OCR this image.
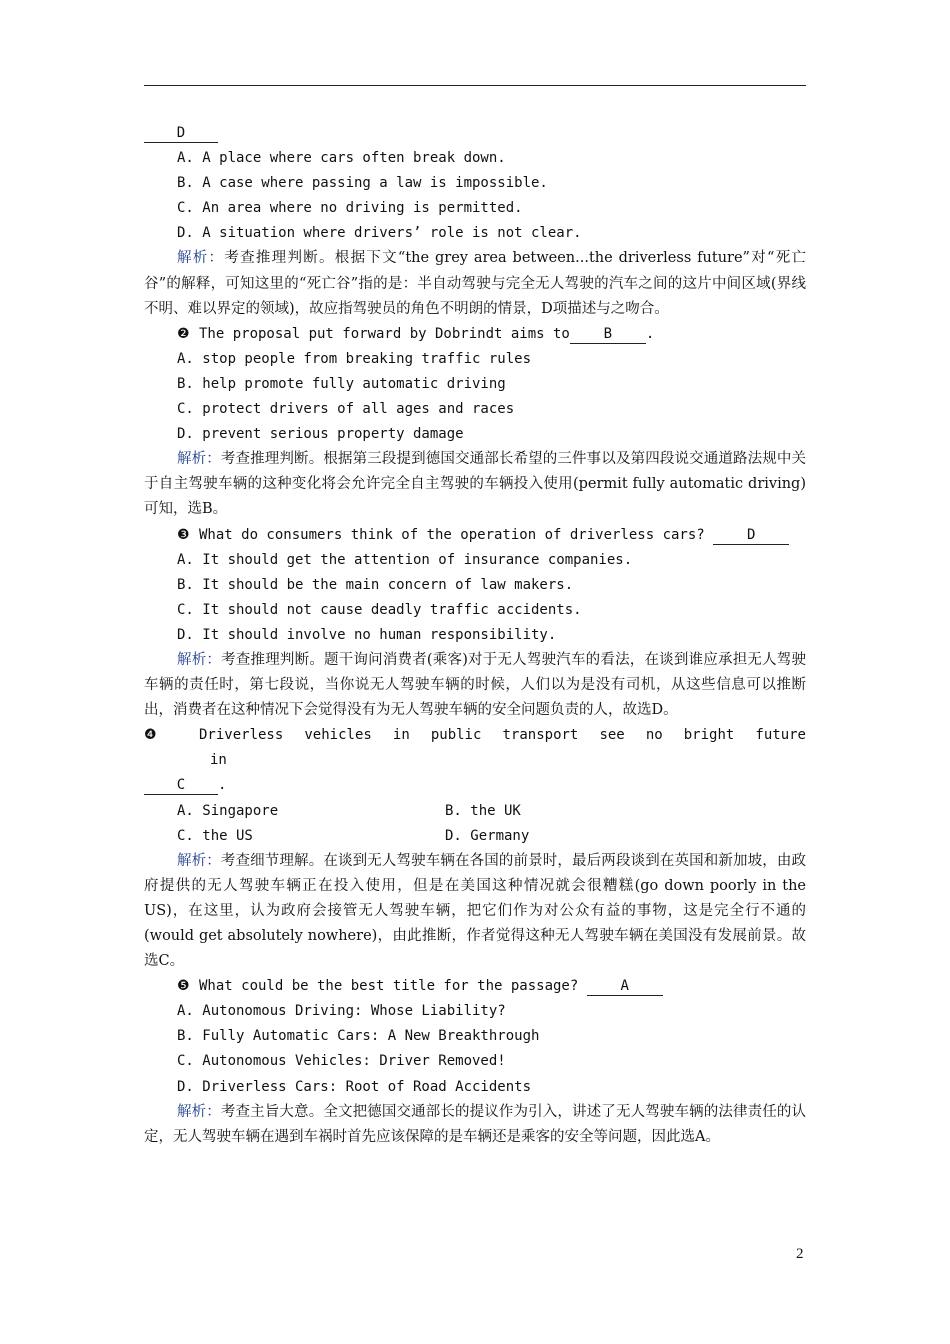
D
A. A place where cars often break down.
B. A case where passing a law is impossible.
C. An area where no driving is permitted.
D. A situation where drivers’ role is not clear.
解析：考查推理判断。根据下文“the grey area between...the driverless future”对“死亡谷”的解释，可知这里的“死亡谷”指的是：半自动驾驶与完全无人驾驶的汽车之间的这片中间区域(界线不明、难以界定的领域)，故应指驾驶员的角色不明朗的情景，D项描述与之吻合。
❷ The proposal put forward by Dobrindt aims to B .
A. stop people from breaking traffic rules
B. help promote fully automatic driving
C. protect drivers of all ages and races
D. prevent serious property damage
解析：考查推理判断。根据第三段提到德国交通部长希望的三件事以及第四段说交通道路法规中关于自主驾驶车辆的这种变化将会允许完全自主驾驶的车辆投入使用(permit fully automatic driving)可知，选B。
❸ What do consumers think of the operation of driverless cars?	D
A. It should get the attention of insurance companies.
B. It should be the main concern of law makers.
C. It should not cause deadly traffic accidents.
D. It should involve no human responsibility.
解析：考查推理判断。题干询问消费者(乘客)对于无人驾驶汽车的看法，在谈到谁应承担无人驾驶车辆的责任时，第七段说，当你说无人驾驶车辆的时候，人们以为是没有司机，从这些信息可以推断出，消费者在这种情况下会觉得没有为无人驾驶车辆的安全问题负责的人，故选D。
❹	Driverless vehicles in public transport see no bright future in
C .
A. Singapore	B. the UK
C. the US	D. Germany
解析：考查细节理解。在谈到无人驾驶车辆在各国的前景时，最后两段谈到在英国和新加坡，由政府提供的无人驾驶车辆正在投入使用，但是在美国这种情况就会很糟糕(go down poorly in the US)，在这里，认为政府会接管无人驾驶车辆，把它们作为对公众有益的事物，这是完全行不通的(would get absolutely nowhere)，由此推断，作者觉得这种无人驾驶车辆在美国没有发展前景。故选C。
❺ What could be the best title for the passage?	A
A. Autonomous Driving: Whose Liability?
B. Fully Automatic Cars: A New Breakthrough
C. Autonomous Vehicles: Driver Removed!
D. Driverless Cars: Root of Road Accidents
解析：考查主旨大意。全文把德国交通部长的提议作为引入，讲述了无人驾驶车辆的法律责任的认定，无人驾驶车辆在遇到车祸时首先应该保障的是车辆还是乘客的安全等问题，因此选A。
2
